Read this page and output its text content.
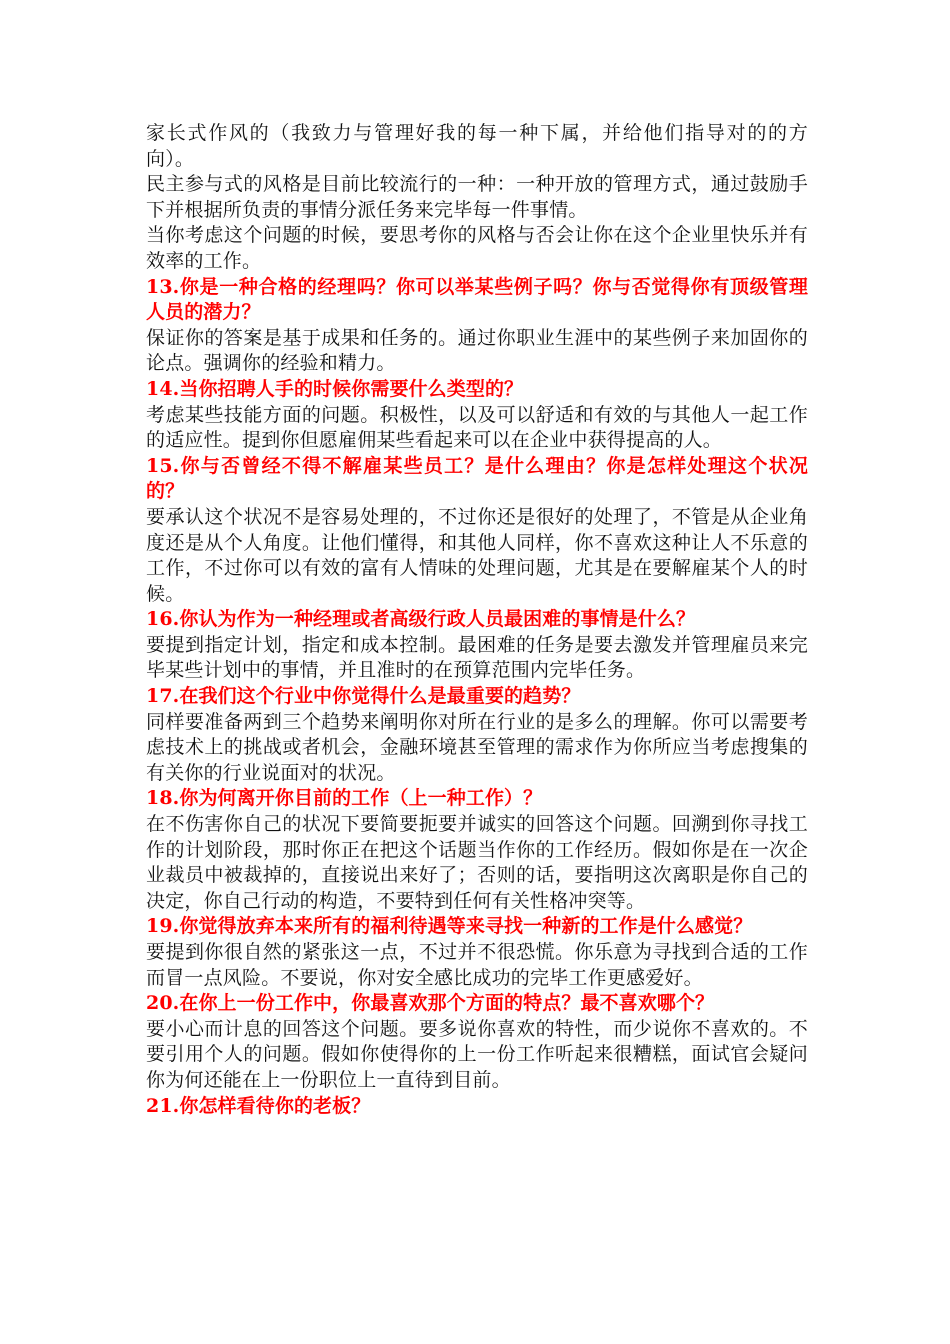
家长式作风的（我致力与管理好我的每一种下属，并给他们指导对的的方向）。

民主参与式的风格是目前比较流行的一种：一种开放的管理方式，通过鼓励手下并根据所负责的事情分派任务来完毕每一件事情。

当你考虑这个问题的时候，要思考你的风格与否会让你在这个企业里快乐并有效率的工作。

13.你是一种合格的经理吗？你可以举某些例子吗？你与否觉得你有顶级管理人员的潜力？

保证你的答案是基于成果和任务的。通过你职业生涯中的某些例子来加固你的论点。强调你的经验和精力。

14.当你招聘人手的时候你需要什么类型的？

考虑某些技能方面的问题。积极性，以及可以舒适和有效的与其他人一起工作的适应性。提到你但愿雇佣某些看起来可以在企业中获得提高的人。

15.你与否曾经不得不解雇某些员工？是什么理由？你是怎样处理这个状况的？

要承认这个状况不是容易处理的，不过你还是很好的处理了，不管是从企业角度还是从个人角度。让他们懂得，和其他人同样，你不喜欢这种让人不乐意的工作，不过你可以有效的富有人情味的处理问题，尤其是在要解雇某个人的时候。

16.你认为作为一种经理或者高级行政人员最困难的事情是什么？

要提到指定计划，指定和成本控制。最困难的任务是要去激发并管理雇员来完毕某些计划中的事情，并且准时的在预算范围内完毕任务。

17.在我们这个行业中你觉得什么是最重要的趋势？

同样要准备两到三个趋势来阐明你对所在行业的是多么的理解。你可以需要考虑技术上的挑战或者机会，金融环境甚至管理的需求作为你所应当考虑搜集的有关你的行业说面对的状况。

18.你为何离开你目前的工作（上一种工作）？

在不伤害你自己的状况下要简要扼要并诚实的回答这个问题。回溯到你寻找工作的计划阶段，那时你正在把这个话题当作你的工作经历。假如你是在一次企业裁员中被裁掉的，直接说出来好了；否则的话，要指明这次离职是你自己的决定，你自己行动的构造，不要特到任何有关性格冲突等。

19.你觉得放弃本来所有的福利待遇等来寻找一种新的工作是什么感觉？

要提到你很自然的紧张这一点，不过并不很恐慌。你乐意为寻找到合适的工作而冒一点风险。不要说，你对安全感比成功的完毕工作更感爱好。

20.在你上一份工作中，你最喜欢那个方面的特点？最不喜欢哪个？

要小心而计息的回答这个问题。要多说你喜欢的特性，而少说你不喜欢的。不要引用个人的问题。假如你使得你的上一份工作听起来很糟糕，面试官会疑问你为何还能在上一份职位上一直待到目前。

21.你怎样看待你的老板？
